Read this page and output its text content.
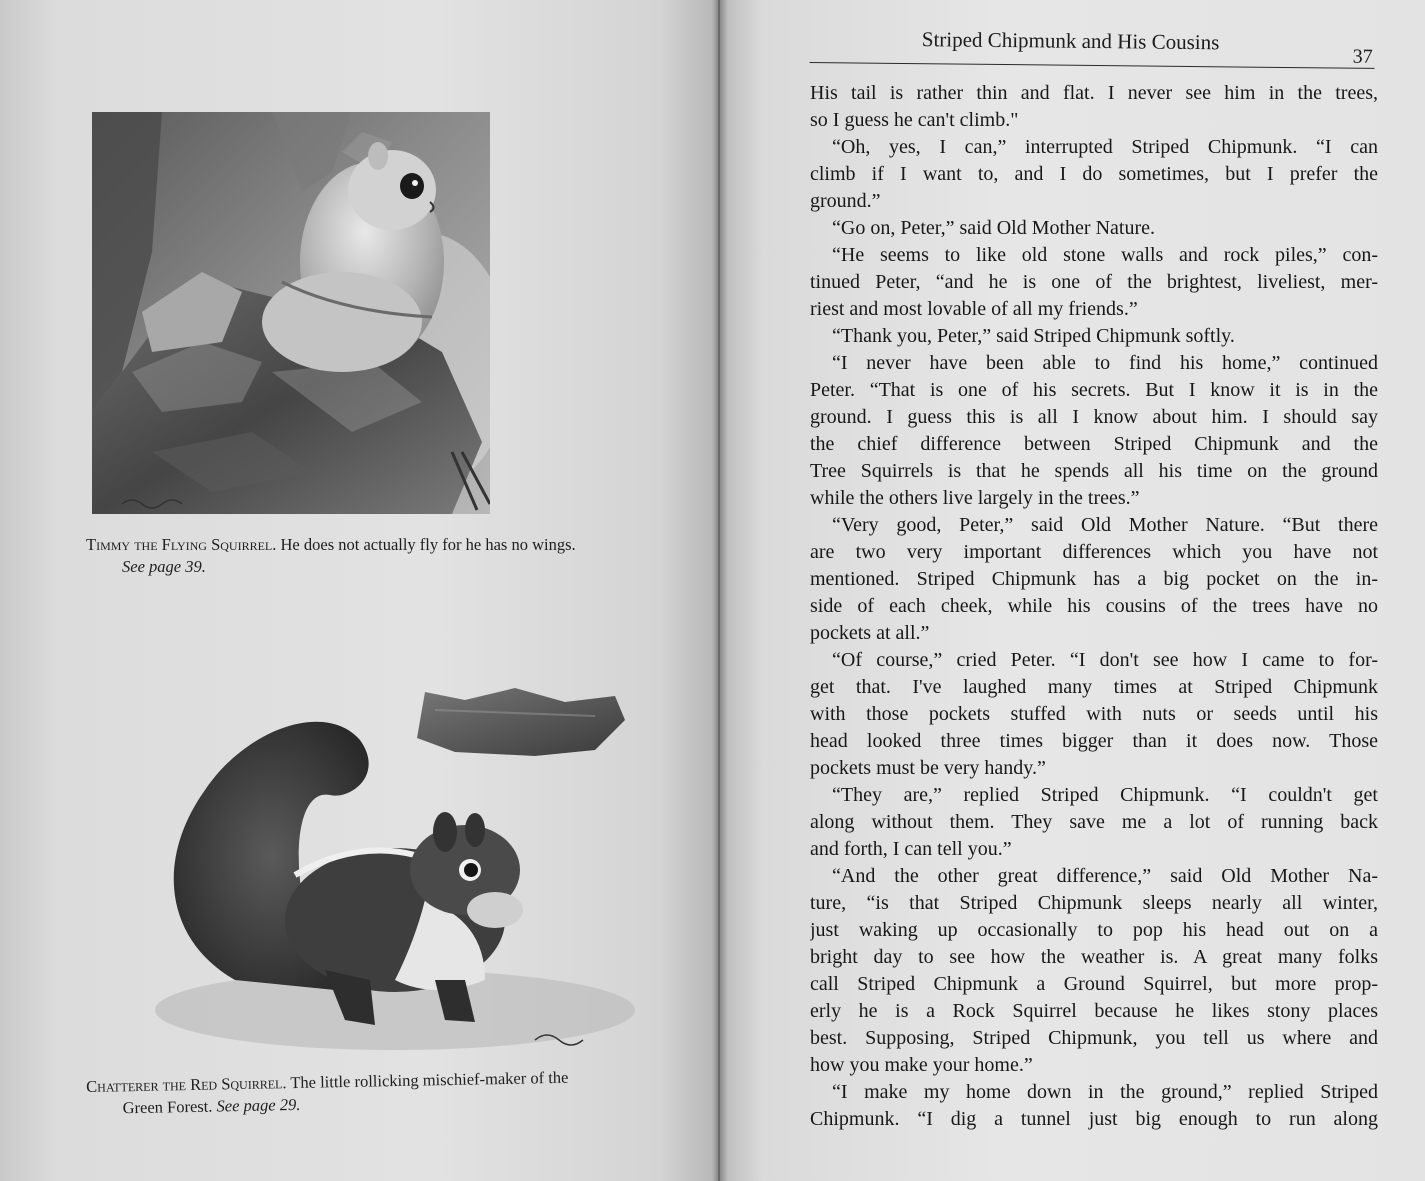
Timmy the Flying Squirrel. He does not actually fly for he has no wings.
See page 39.
Chatterer the Red Squirrel. The little rollicking mischief-maker of the
Green Forest. See page 29.
Striped Chipmunk and His Cousins
37
His tail is rather thin and flat. I never see him in the trees,
so I guess he can't climb."
“Oh, yes, I can,” interrupted Striped Chipmunk. “I can
climb if I want to, and I do sometimes, but I prefer the
ground.”
“Go on, Peter,” said Old Mother Nature.
“He seems to like old stone walls and rock piles,” con-
tinued Peter, “and he is one of the brightest, liveliest, mer-
riest and most lovable of all my friends.”
“Thank you, Peter,” said Striped Chipmunk softly.
“I never have been able to find his home,” continued
Peter. “That is one of his secrets. But I know it is in the
ground. I guess this is all I know about him. I should say
the chief difference between Striped Chipmunk and the
Tree Squirrels is that he spends all his time on the ground
while the others live largely in the trees.”
“Very good, Peter,” said Old Mother Nature. “But there
are two very important differences which you have not
mentioned. Striped Chipmunk has a big pocket on the in-
side of each cheek, while his cousins of the trees have no
pockets at all.”
“Of course,” cried Peter. “I don't see how I came to for-
get that. I've laughed many times at Striped Chipmunk
with those pockets stuffed with nuts or seeds until his
head looked three times bigger than it does now. Those
pockets must be very handy.”
“They are,” replied Striped Chipmunk. “I couldn't get
along without them. They save me a lot of running back
and forth, I can tell you.”
“And the other great difference,” said Old Mother Na-
ture, “is that Striped Chipmunk sleeps nearly all winter,
just waking up occasionally to pop his head out on a
bright day to see how the weather is. A great many folks
call Striped Chipmunk a Ground Squirrel, but more prop-
erly he is a Rock Squirrel because he likes stony places
best. Supposing, Striped Chipmunk, you tell us where and
how you make your home.”
“I make my home down in the ground,” replied Striped
Chipmunk. “I dig a tunnel just big enough to run along
